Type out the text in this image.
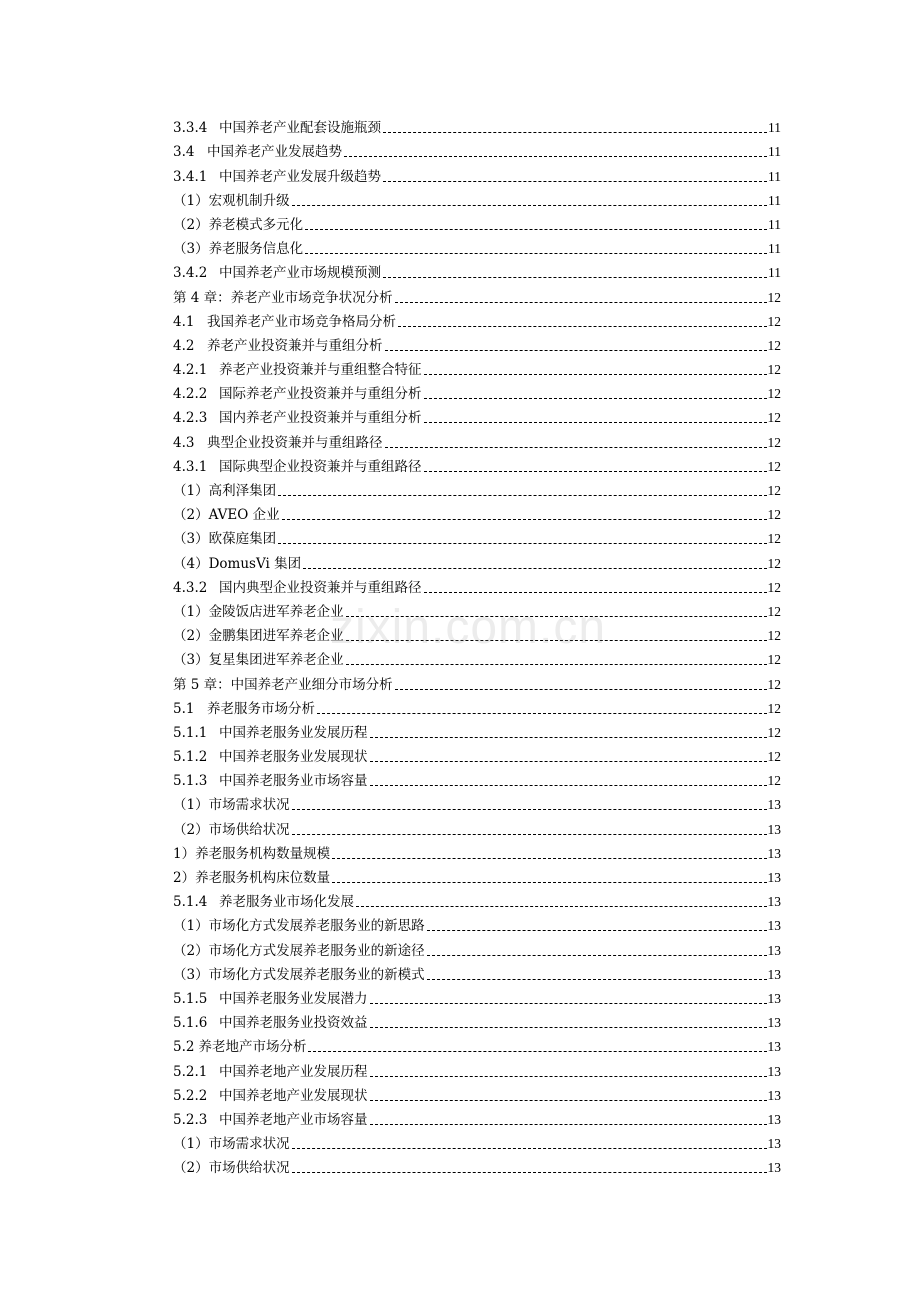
3.3.4 中国养老产业配套设施瓶颈	11
3.4 中国养老产业发展趋势	11
3.4.1 中国养老产业发展升级趋势	11
（1） 宏观机制升级	11
（2） 养老模式多元化	11
（3） 养老服务信息化	11
3.4.2 中国养老产业市场规模预测	11
第 4 章： 养老产业市场竞争状况分析	12
4.1 我国养老产业市场竞争格局分析	12
4.2 养老产业投资兼并与重组分析	12
4.2.1 养老产业投资兼并与重组整合特征	12
4.2.2 国际养老产业投资兼并与重组分析	12
4.2.3 国内养老产业投资兼并与重组分析	12
4.3 典型企业投资兼并与重组路径	12
4.3.1 国际典型企业投资兼并与重组路径	12
（1） 高利泽集团	12
（2） AVEO 企业	12
（3） 欧葆庭集团	12
（4） DomusVi 集团	12
4.3.2 国内典型企业投资兼并与重组路径	12
（1） 金陵饭店进军养老企业	12
（2） 金鹏集团进军养老企业	12
（3） 复星集团进军养老企业	12
第 5 章： 中国养老产业细分市场分析	12
5.1 养老服务市场分析	12
5.1.1 中国养老服务业发展历程	12
5.1.2 中国养老服务业发展现状	12
5.1.3 中国养老服务业市场容量	12
（1） 市场需求状况	13
（2） 市场供给状况	13
1） 养老服务机构数量规模	13
2） 养老服务机构床位数量	13
5.1.4 养老服务业市场化发展	13
（1） 市场化方式发展养老服务业的新思路	13
（2） 市场化方式发展养老服务业的新途径	13
（3） 市场化方式发展养老服务业的新模式	13
5.1.5 中国养老服务业发展潜力	13
5.1.6 中国养老服务业投资效益	13
5.2 养老地产市场分析	13
5.2.1 中国养老地产业发展历程	13
5.2.2 中国养老地产业发展现状	13
5.2.3 中国养老地产业市场容量	13
（1） 市场需求状况	13
（2） 市场供给状况	13
zixin.com.cn
